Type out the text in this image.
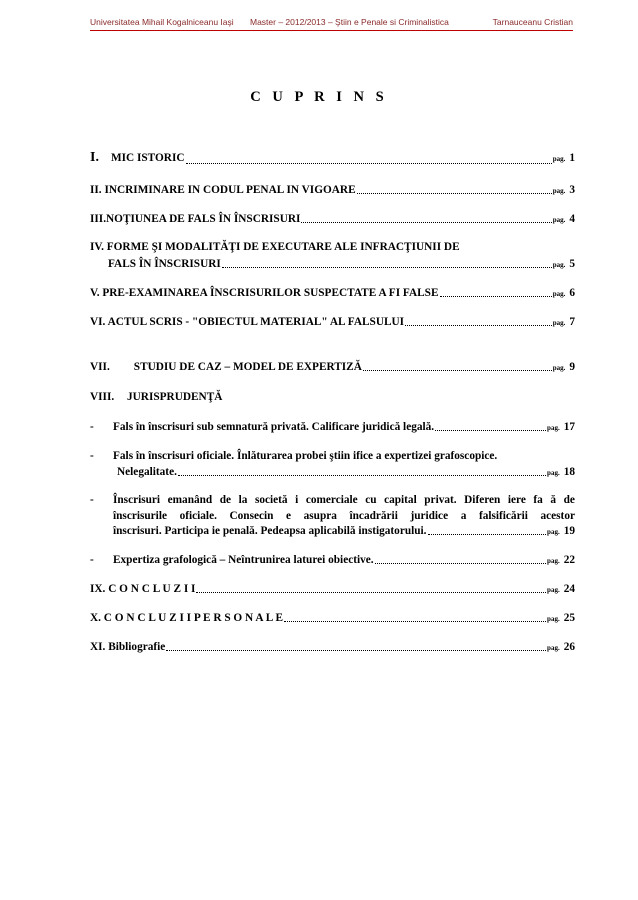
Universitatea Mihail Kogalniceanu Iaşi Master – 2012/2013 – Ştiin e Penale si Criminalistica	Tarnauceanu Cristian
C U P R I N S
I. MIC ISTORIC	pag. 1
II. INCRIMINARE IN CODUL PENAL IN VIGOARE	pag. 3
III.NOŢIUNEA DE FALS ÎN ÎNSCRISURI	pag. 4
IV. FORME ŞI MODALITĂŢI DE EXECUTARE ALE INFRACŢIUNII DE
FALS ÎN ÎNSCRISURI	pag. 5
V. PRE-EXAMINAREA ÎNSCRISURILOR SUSPECTATE A FI FALSE	pag. 6
VI. ACTUL SCRIS - "OBIECTUL MATERIAL" AL FALSULUI	pag. 7
VII. STUDIU DE CAZ – MODEL DE EXPERTIZĂ	pag. 9
VIII. JURISPRUDENŢĂ
- Fals în înscrisuri sub semnatură privată. Calificare juridică legală.	pag. 17
- Fals în înscrisuri oficiale. Înlăturarea probei ştiin ifice a expertizei grafoscopice.
Nelegalitate.	pag. 18
- Înscrisuri emanând de la societă i comerciale cu capital privat. Diferen iere fa ă de
înscrisurile oficiale. Consecin e asupra încadrării juridice a falsificării acestor
înscrisuri. Participa ie penală. Pedeapsa aplicabilă instigatorului.	pag. 19
- Expertiza grafologică – Neîntrunirea laturei obiective.	pag. 22
IX. C O N C L U Z I I	pag. 24
X. C O N C L U Z I I P E R S O N A L E	pag. 25
XI. Bibliografie	pag. 26
